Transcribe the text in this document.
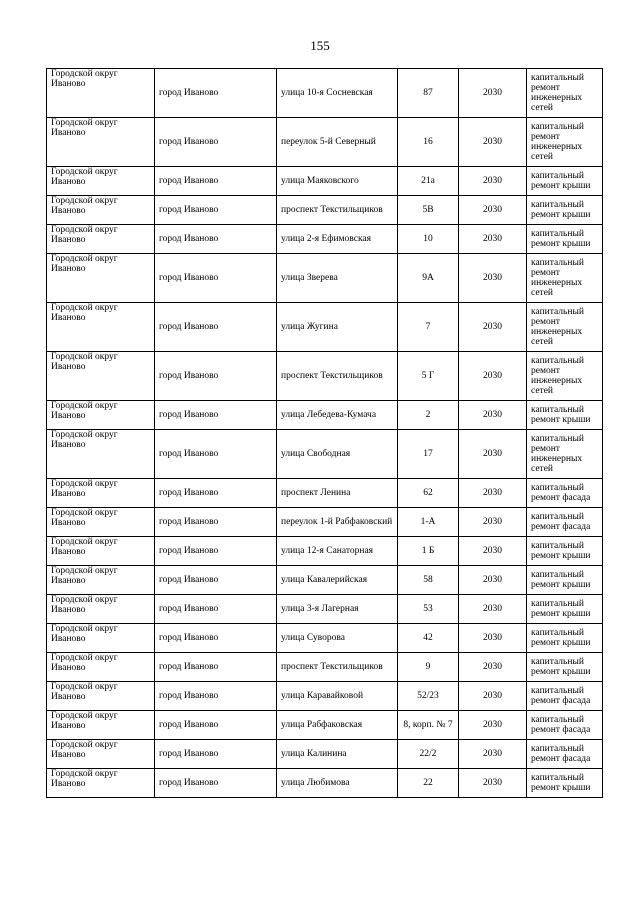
155
Городской округ Иваново	город Иваново	улица 10-я Сосневская	87	2030	капитальный ремонт инженерных сетей
Городской округ Иваново	город Иваново	переулок 5-й Северный	16	2030	капитальный ремонт инженерных сетей
Городской округ Иваново	город Иваново	улица Маяковского	21а	2030	капитальный ремонт крыши
Городской округ Иваново	город Иваново	проспект Текстильщиков	5В	2030	капитальный ремонт крыши
Городской округ Иваново	город Иваново	улица 2-я Ефимовская	10	2030	капитальный ремонт крыши
Городской округ Иваново	город Иваново	улица Зверева	9А	2030	капитальный ремонт инженерных сетей
Городской округ Иваново	город Иваново	улица Жугина	7	2030	капитальный ремонт инженерных сетей
Городской округ Иваново	город Иваново	проспект Текстильщиков	5 Г	2030	капитальный ремонт инженерных сетей
Городской округ Иваново	город Иваново	улица Лебедева-Кумача	2	2030	капитальный ремонт крыши
Городской округ Иваново	город Иваново	улица Свободная	17	2030	капитальный ремонт инженерных сетей
Городской округ Иваново	город Иваново	проспект Ленина	62	2030	капитальный ремонт фасада
Городской округ Иваново	город Иваново	переулок 1-й Рабфаковский	1-А	2030	капитальный ремонт фасада
Городской округ Иваново	город Иваново	улица 12-я Санаторная	1 Б	2030	капитальный ремонт крыши
Городской округ Иваново	город Иваново	улица Кавалерийская	58	2030	капитальный ремонт крыши
Городской округ Иваново	город Иваново	улица 3-я Лагерная	53	2030	капитальный ремонт крыши
Городской округ Иваново	город Иваново	улица Суворова	42	2030	капитальный ремонт крыши
Городской округ Иваново	город Иваново	проспект Текстильщиков	9	2030	капитальный ремонт крыши
Городской округ Иваново	город Иваново	улица Каравайковой	52/23	2030	капитальный ремонт фасада
Городской округ Иваново	город Иваново	улица Рабфаковская	8, корп. № 7	2030	капитальный ремонт фасада
Городской округ Иваново	город Иваново	улица Калинина	22/2	2030	капитальный ремонт фасада
Городской округ Иваново	город Иваново	улица Любимова	22	2030	капитальный ремонт крыши
